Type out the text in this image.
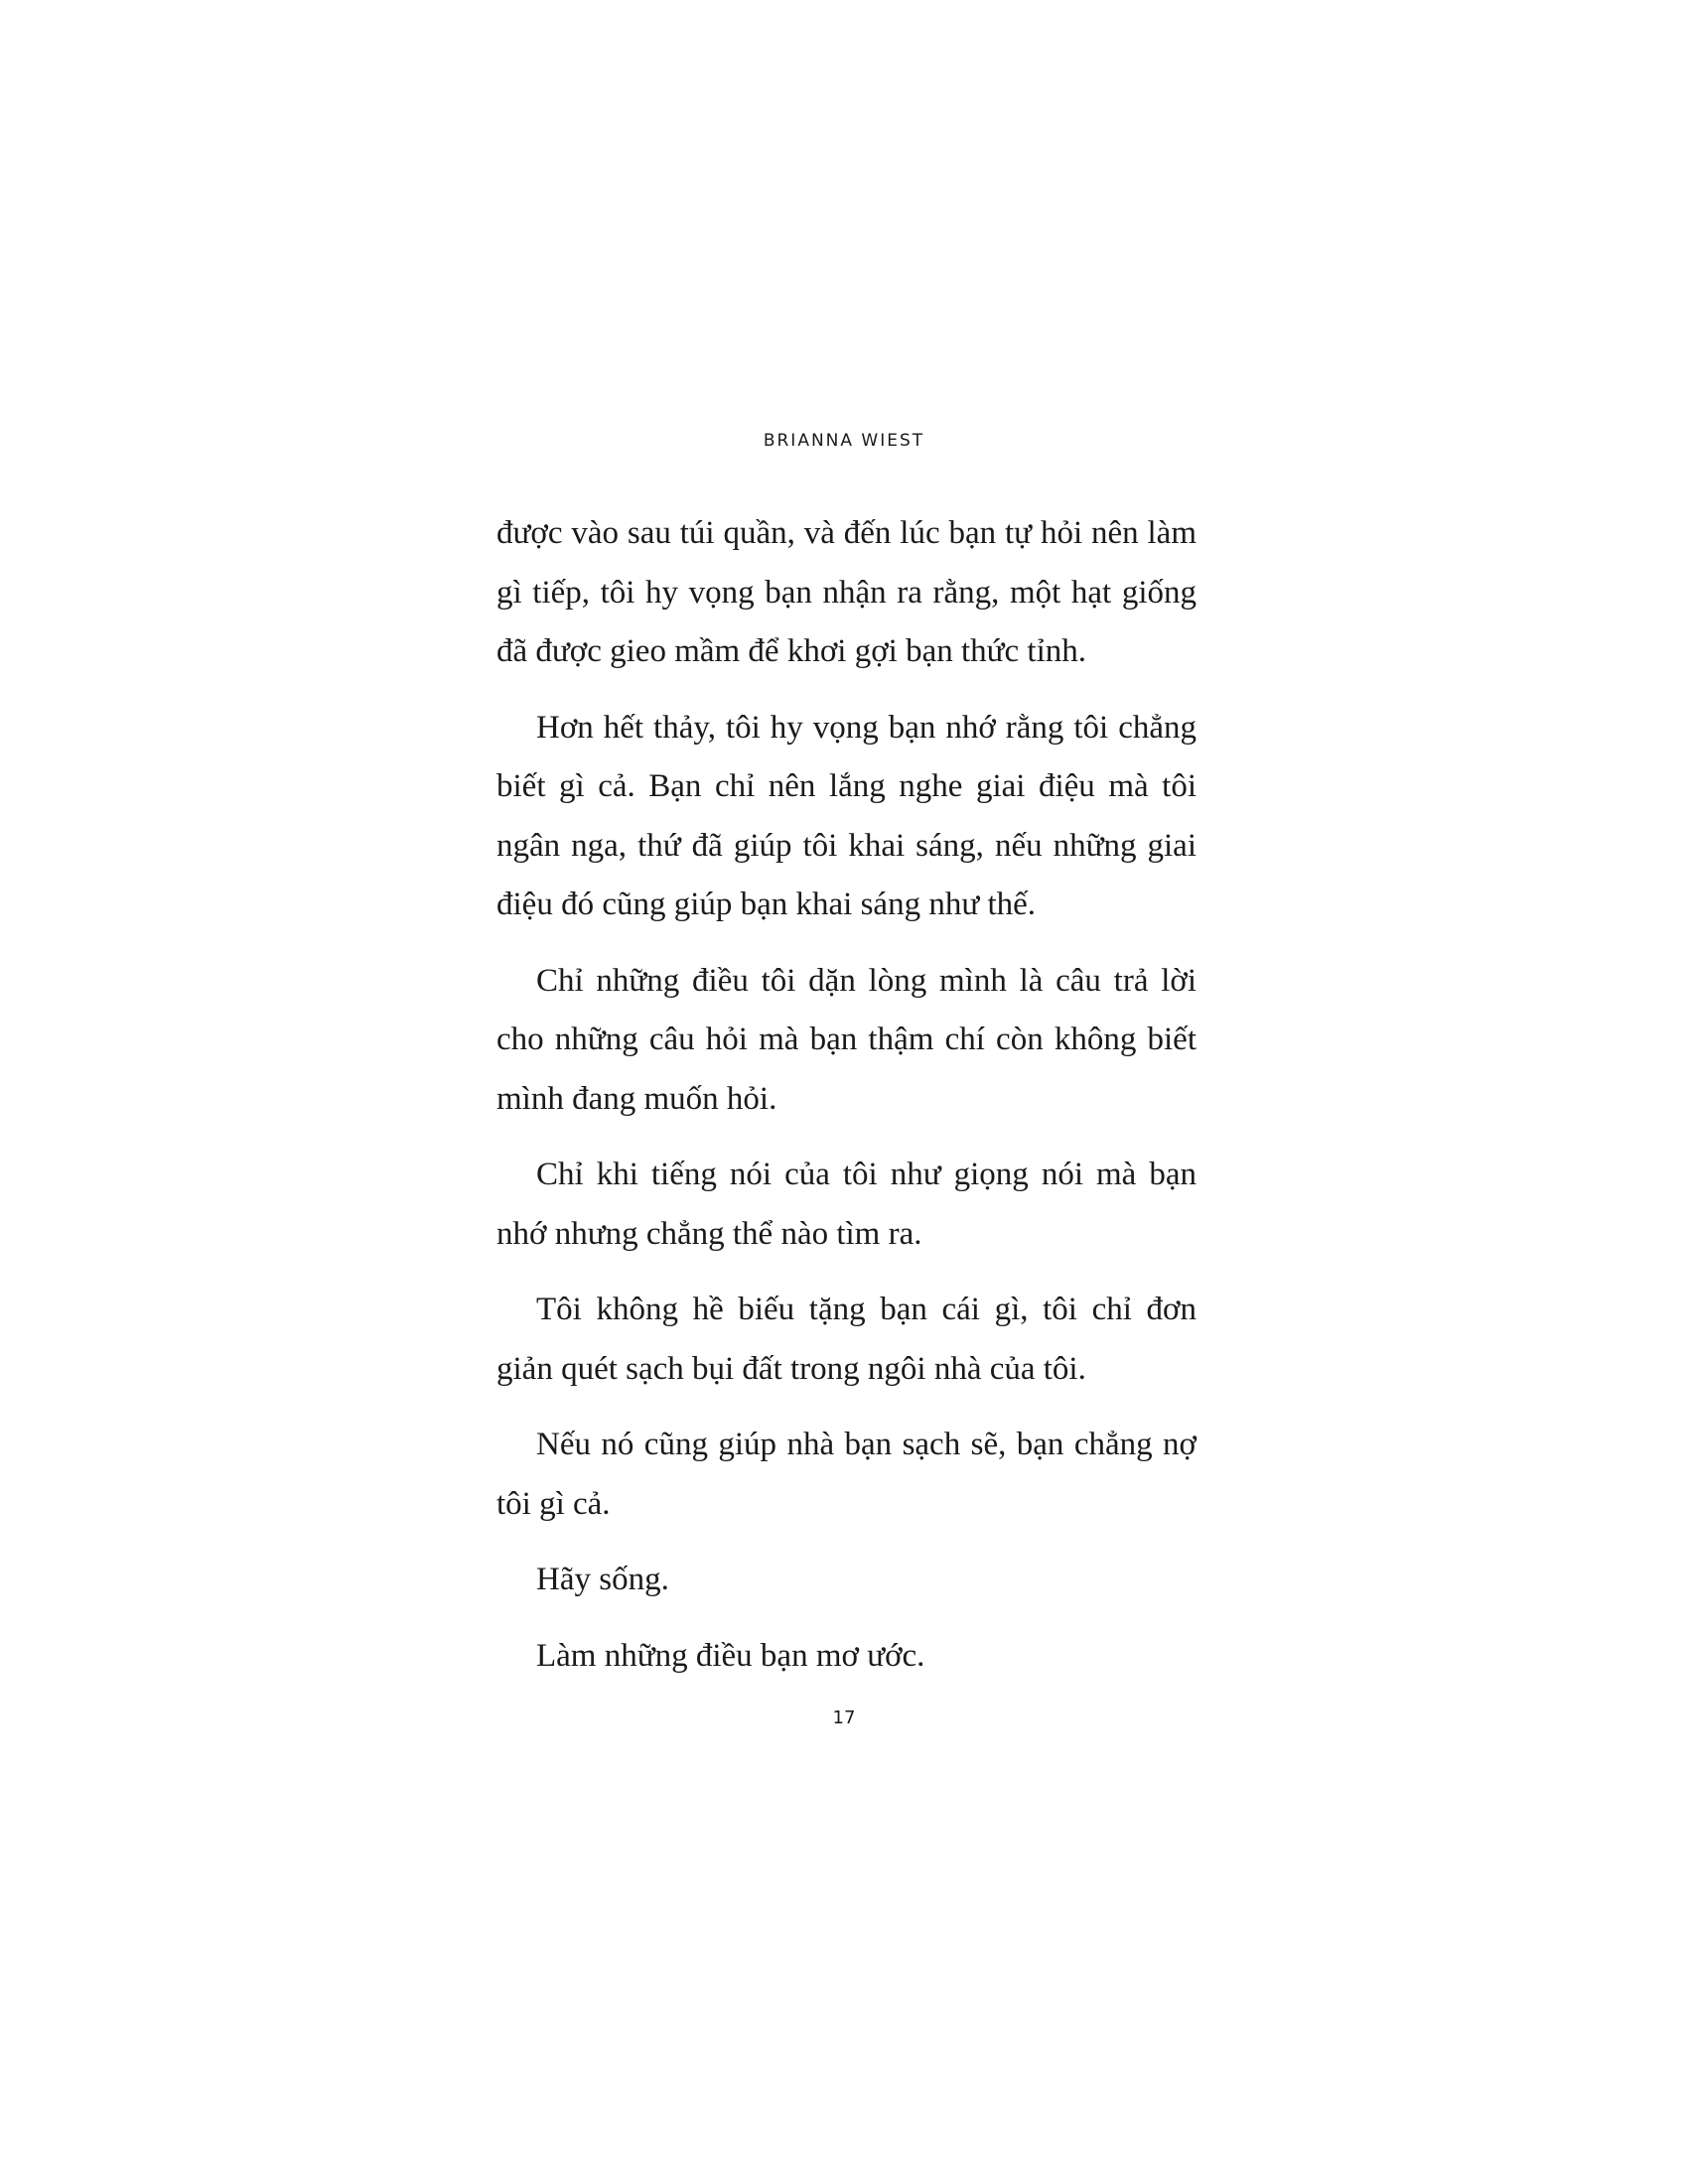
BRIANNA WIEST

được vào sau túi quần, và đến lúc bạn tự hỏi nên làm gì tiếp, tôi hy vọng bạn nhận ra rằng, một hạt giống đã được gieo mầm để khơi gợi bạn thức tỉnh.

Hơn hết thảy, tôi hy vọng bạn nhớ rằng tôi chẳng biết gì cả. Bạn chỉ nên lắng nghe giai điệu mà tôi ngân nga, thứ đã giúp tôi khai sáng, nếu những giai điệu đó cũng giúp bạn khai sáng như thế.

Chỉ những điều tôi dặn lòng mình là câu trả lời cho những câu hỏi mà bạn thậm chí còn không biết mình đang muốn hỏi.

Chỉ khi tiếng nói của tôi như giọng nói mà bạn nhớ nhưng chẳng thể nào tìm ra.

Tôi không hề biếu tặng bạn cái gì, tôi chỉ đơn giản quét sạch bụi đất trong ngôi nhà của tôi.

Nếu nó cũng giúp nhà bạn sạch sẽ, bạn chẳng nợ tôi gì cả.

Hãy sống.

Làm những điều bạn mơ ước.

17
